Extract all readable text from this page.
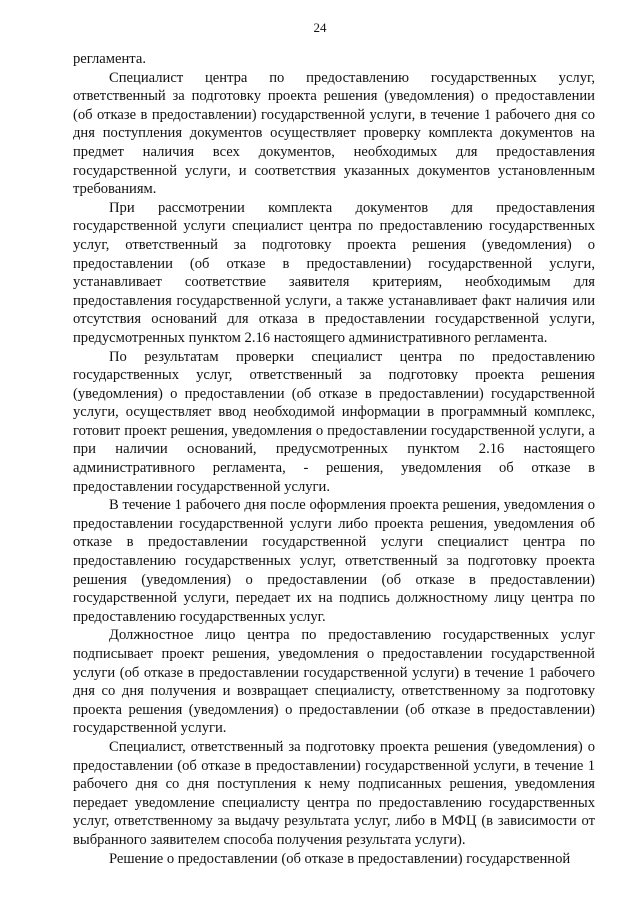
24

регламента.

Специалист центра по предоставлению государственных услуг, ответственный за подготовку проекта решения (уведомления) о предоставлении (об отказе в предоставлении) государственной услуги, в течение 1 рабочего дня со дня поступления документов осуществляет проверку комплекта документов на предмет наличия всех документов, необходимых для предоставления государственной услуги, и соответствия указанных документов установленным требованиям.

При рассмотрении комплекта документов для предоставления государственной услуги специалист центра по предоставлению государственных услуг, ответственный за подготовку проекта решения (уведомления) о предоставлении (об отказе в предоставлении) государственной услуги, устанавливает соответствие заявителя критериям, необходимым для предоставления государственной услуги, а также устанавливает факт наличия или отсутствия оснований для отказа в предоставлении государственной услуги, предусмотренных пунктом 2.16 настоящего административного регламента.

По результатам проверки специалист центра по предоставлению государственных услуг, ответственный за подготовку проекта решения (уведомления) о предоставлении (об отказе в предоставлении) государственной услуги, осуществляет ввод необходимой информации в программный комплекс, готовит проект решения, уведомления о предоставлении государственной услуги, а при наличии оснований, предусмотренных пунктом 2.16 настоящего административного регламента, - решения, уведомления об отказе в предоставлении государственной услуги.

В течение 1 рабочего дня после оформления проекта решения, уведомления о предоставлении государственной услуги либо проекта решения, уведомления об отказе в предоставлении государственной услуги специалист центра по предоставлению государственных услуг, ответственный за подготовку проекта решения (уведомления) о предоставлении (об отказе в предоставлении) государственной услуги, передает их на подпись должностному лицу центра по предоставлению государственных услуг.

Должностное лицо центра по предоставлению государственных услуг подписывает проект решения, уведомления о предоставлении государственной услуги (об отказе в предоставлении государственной услуги) в течение 1 рабочего дня со дня получения и возвращает специалисту, ответственному за подготовку проекта решения (уведомления) о предоставлении (об отказе в предоставлении) государственной услуги.

Специалист, ответственный за подготовку проекта решения (уведомления) о предоставлении (об отказе в предоставлении) государственной услуги, в течение 1 рабочего дня со дня поступления к нему подписанных решения, уведомления передает уведомление специалисту центра по предоставлению государственных услуг, ответственному за выдачу результата услуг, либо в МФЦ (в зависимости от выбранного заявителем способа получения результата услуги).

Решение о предоставлении (об отказе в предоставлении) государственной
